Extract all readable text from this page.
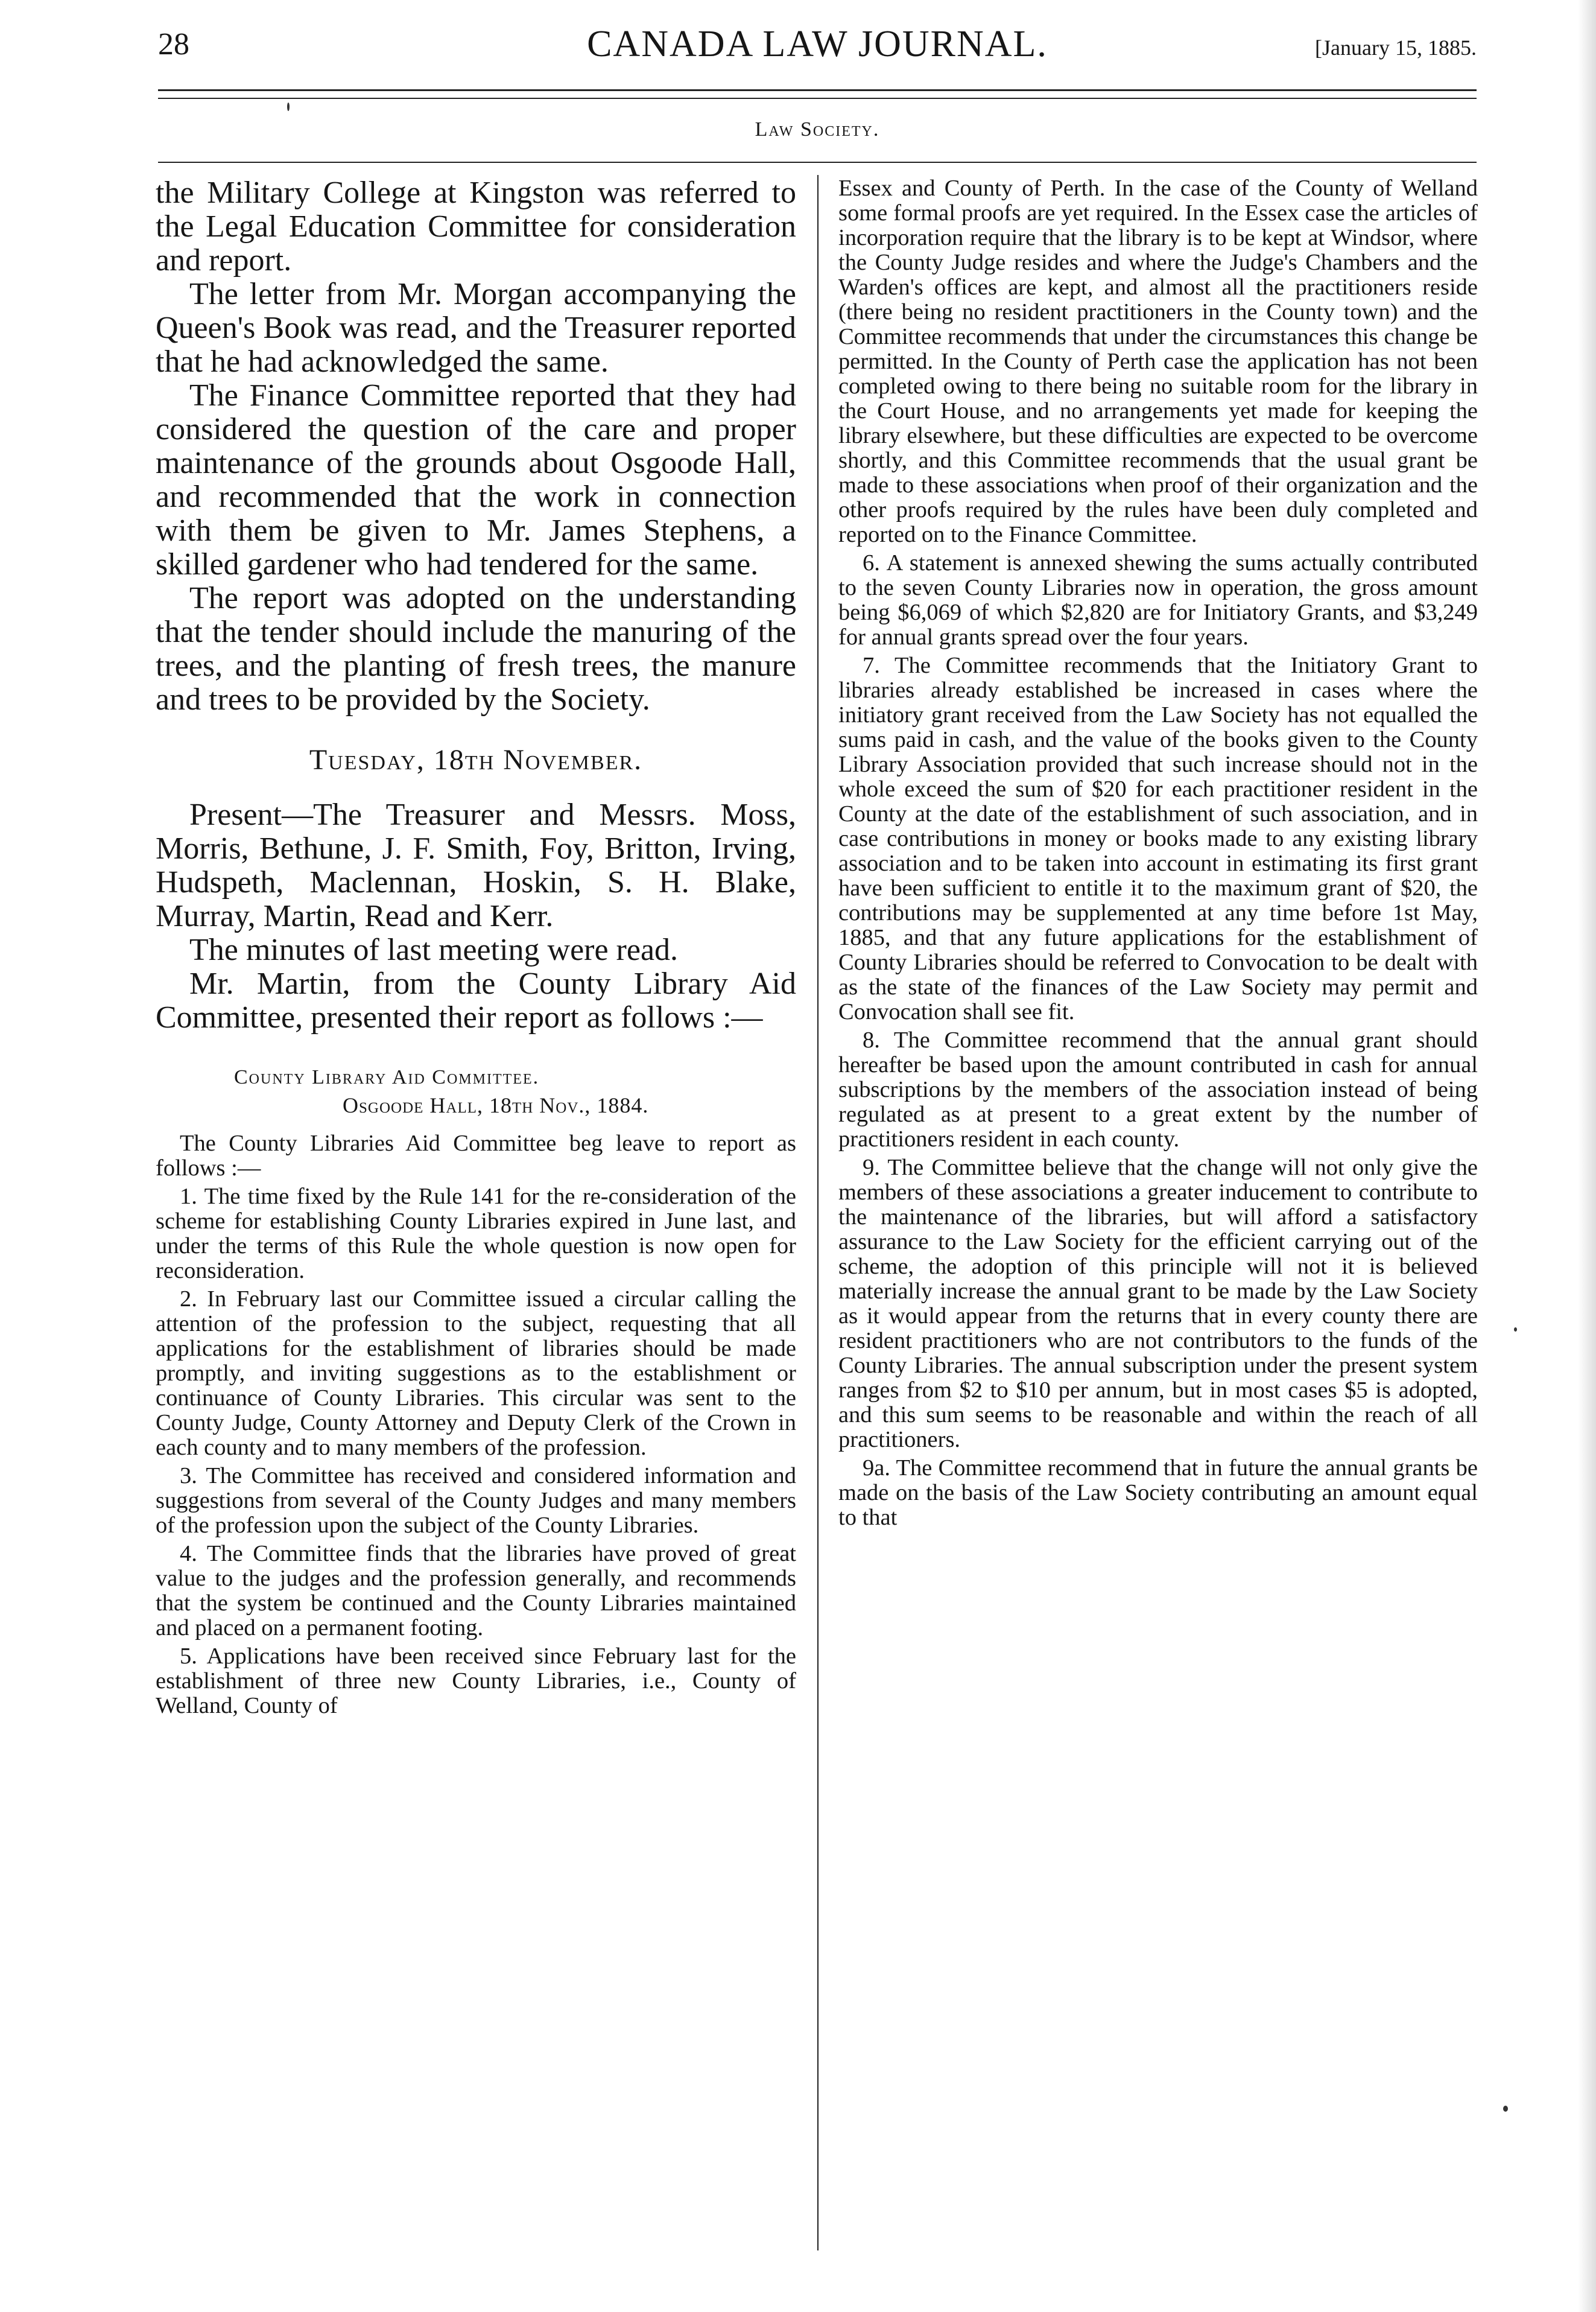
28	CANADA LAW JOURNAL.	[January 15, 1885.
Law Society.

the Military College at Kingston was referred to the Legal Education Committee for consideration and report.

The letter from Mr. Morgan accompanying the Queen's Book was read, and the Treasurer reported that he had acknowledged the same.

The Finance Committee reported that they had considered the question of the care and proper maintenance of the grounds about Osgoode Hall, and recommended that the work in connection with them be given to Mr. James Stephens, a skilled gardener who had tendered for the same.

The report was adopted on the understanding that the tender should include the manuring of the trees, and the planting of fresh trees, the manure and trees to be provided by the Society.

Tuesday, 18th November.

Present—The Treasurer and Messrs. Moss, Morris, Bethune, J. F. Smith, Foy, Britton, Irving, Hudspeth, Maclennan, Hoskin, S. H. Blake, Murray, Martin, Read and Kerr.

The minutes of last meeting were read.

Mr. Martin, from the County Library Aid Committee, presented their report as follows :—

County Library Aid Committee.
Osgoode Hall, 18th Nov., 1884.

The County Libraries Aid Committee beg leave to report as follows :—

1. The time fixed by the Rule 141 for the re-consideration of the scheme for establishing County Libraries expired in June last, and under the terms of this Rule the whole question is now open for reconsideration.

2. In February last our Committee issued a circular calling the attention of the profession to the subject, requesting that all applications for the establishment of libraries should be made promptly, and inviting suggestions as to the establishment or continuance of County Libraries. This circular was sent to the County Judge, County Attorney and Deputy Clerk of the Crown in each county and to many members of the profession.

3. The Committee has received and considered information and suggestions from several of the County Judges and many members of the profession upon the subject of the County Libraries.

4. The Committee finds that the libraries have proved of great value to the judges and the profession generally, and recommends that the system be continued and the County Libraries maintained and placed on a permanent footing.

5. Applications have been received since February last for the establishment of three new County Libraries, i.e., County of Welland, County of

Essex and County of Perth. In the case of the County of Welland some formal proofs are yet required. In the Essex case the articles of incorporation require that the library is to be kept at Windsor, where the County Judge resides and where the Judge's Chambers and the Warden's offices are kept, and almost all the practitioners reside (there being no resident practitioners in the County town) and the Committee recommends that under the circumstances this change be permitted. In the County of Perth case the application has not been completed owing to there being no suitable room for the library in the Court House, and no arrangements yet made for keeping the library elsewhere, but these difficulties are expected to be overcome shortly, and this Committee recommends that the usual grant be made to these associations when proof of their organization and the other proofs required by the rules have been duly completed and reported on to the Finance Committee.

6. A statement is annexed shewing the sums actually contributed to the seven County Libraries now in operation, the gross amount being $6,069 of which $2,820 are for Initiatory Grants, and $3,249 for annual grants spread over the four years.

7. The Committee recommends that the Initiatory Grant to libraries already established be increased in cases where the initiatory grant received from the Law Society has not equalled the sums paid in cash, and the value of the books given to the County Library Association provided that such increase should not in the whole exceed the sum of $20 for each practitioner resident in the County at the date of the establishment of such association, and in case contributions in money or books made to any existing library association and to be taken into account in estimating its first grant have been sufficient to entitle it to the maximum grant of $20, the contributions may be supplemented at any time before 1st May, 1885, and that any future applications for the establishment of County Libraries should be referred to Convocation to be dealt with as the state of the finances of the Law Society may permit and Convocation shall see fit.

8. The Committee recommend that the annual grant should hereafter be based upon the amount contributed in cash for annual subscriptions by the members of the association instead of being regulated as at present to a great extent by the number of practitioners resident in each county.

9. The Committee believe that the change will not only give the members of these associations a greater inducement to contribute to the maintenance of the libraries, but will afford a satisfactory assurance to the Law Society for the efficient carrying out of the scheme, the adoption of this principle will not it is believed materially increase the annual grant to be made by the Law Society as it would appear from the returns that in every county there are resident practitioners who are not contributors to the funds of the County Libraries. The annual subscription under the present system ranges from $2 to $10 per annum, but in most cases $5 is adopted, and this sum seems to be reasonable and within the reach of all practitioners.

9a. The Committee recommend that in future the annual grants be made on the basis of the Law Society contributing an amount equal to that
